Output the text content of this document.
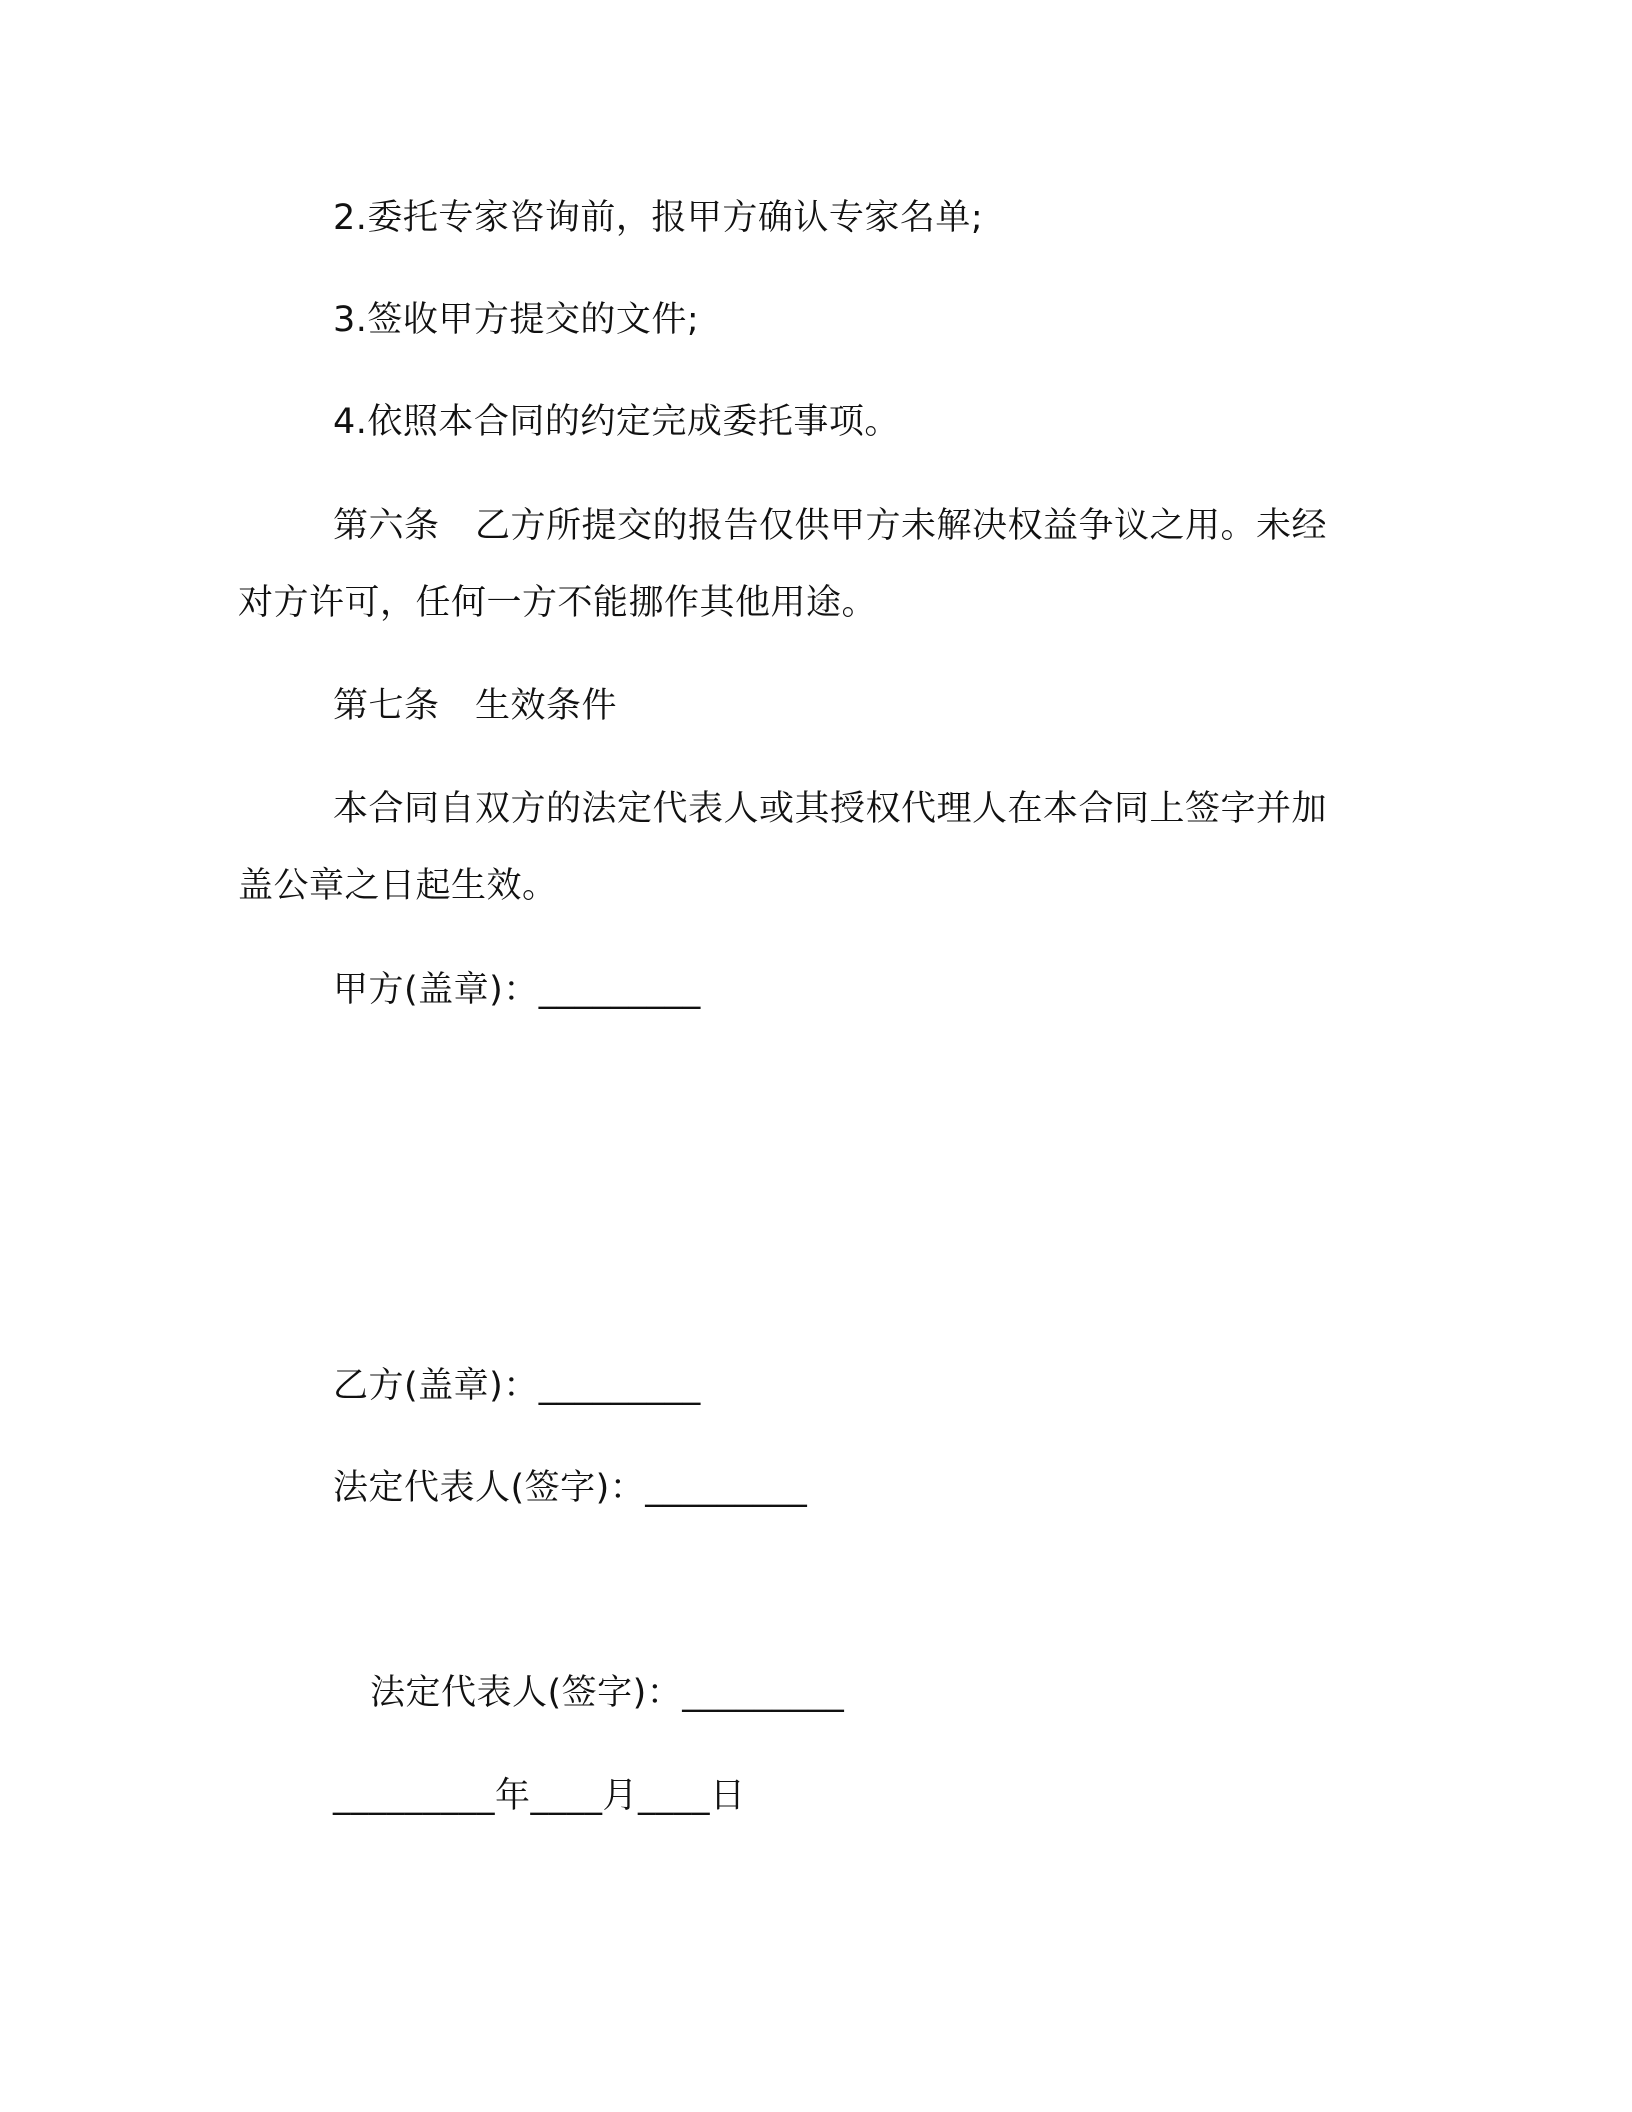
2.委托专家咨询前，报甲方确认专家名单;
3.签收甲方提交的文件;
4.依照本合同的约定完成委托事项。
第六条　乙方所提交的报告仅供甲方未解决权益争议之用。未经
对方许可，任何一方不能挪作其他用途。
第七条　生效条件
本合同自双方的法定代表人或其授权代理人在本合同上签字并加
盖公章之日起生效。
甲方(盖章)：_________
乙方(盖章)：_________
法定代表人(签字)：_________
法定代表人(签字)：_________
_________年____月____日
